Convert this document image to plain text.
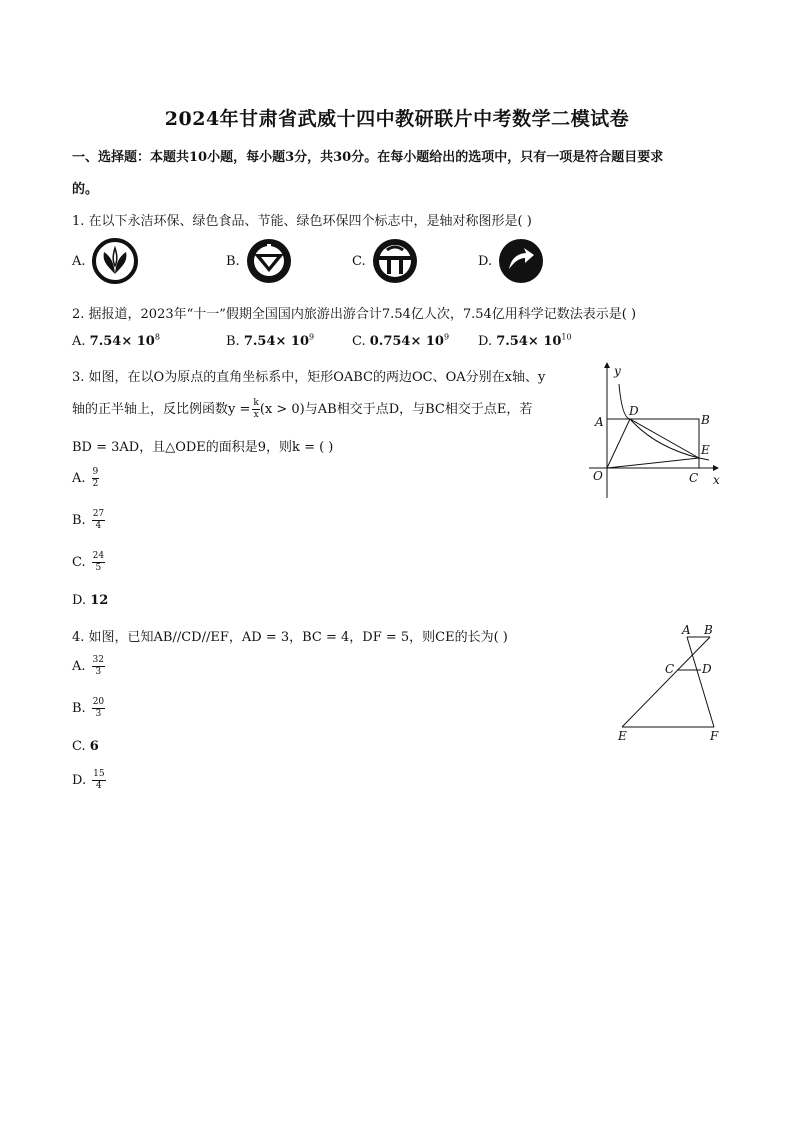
2024年甘肃省武威十四中教研联片中考数学二模试卷
一、选择题：本题共10小题，每小题3分，共30分。在每小题给出的选项中，只有一项是符合题目要求
的。
1. 在以下永洁环保、绿色食品、节能、绿色环保四个标志中，是轴对称图形是( )
A.	B.	C.	D.
2. 据报道，2023年“十一”假期全国国内旅游出游合计7.54亿人次，7.54亿用科学记数法表示是( )
A. $7.54\times 10^8$	B. $7.54\times 10^9$	C. $0.754\times 10^9$ D. $7.54\times 10^{10}$
3. 如图，在以O为原点的直角坐标系中，矩形OABC的两边OC、OA分别在x轴、y
轴的正半轴上，反比例函数$y = \frac{k}{x} (x > 0)$与AB相交于点D，与BC相交于点E，若
BD = 3AD，且△ODE的面积是9，则k = ( )
A. $\frac{9}{2}$
B. $\frac{27}{4}$
C. $\frac{24}{5}$
D. 12
y
x
A
D
B
E
O	C
4. 如图，已知AB//CD//EF，AD = 3，BC = 4，DF = 5，则CE的长为( )
A. $\frac{32}{3}$
B. $\frac{20}{3}$
C. 6
D. $\frac{15}{4}$
A B
C D
E	F
